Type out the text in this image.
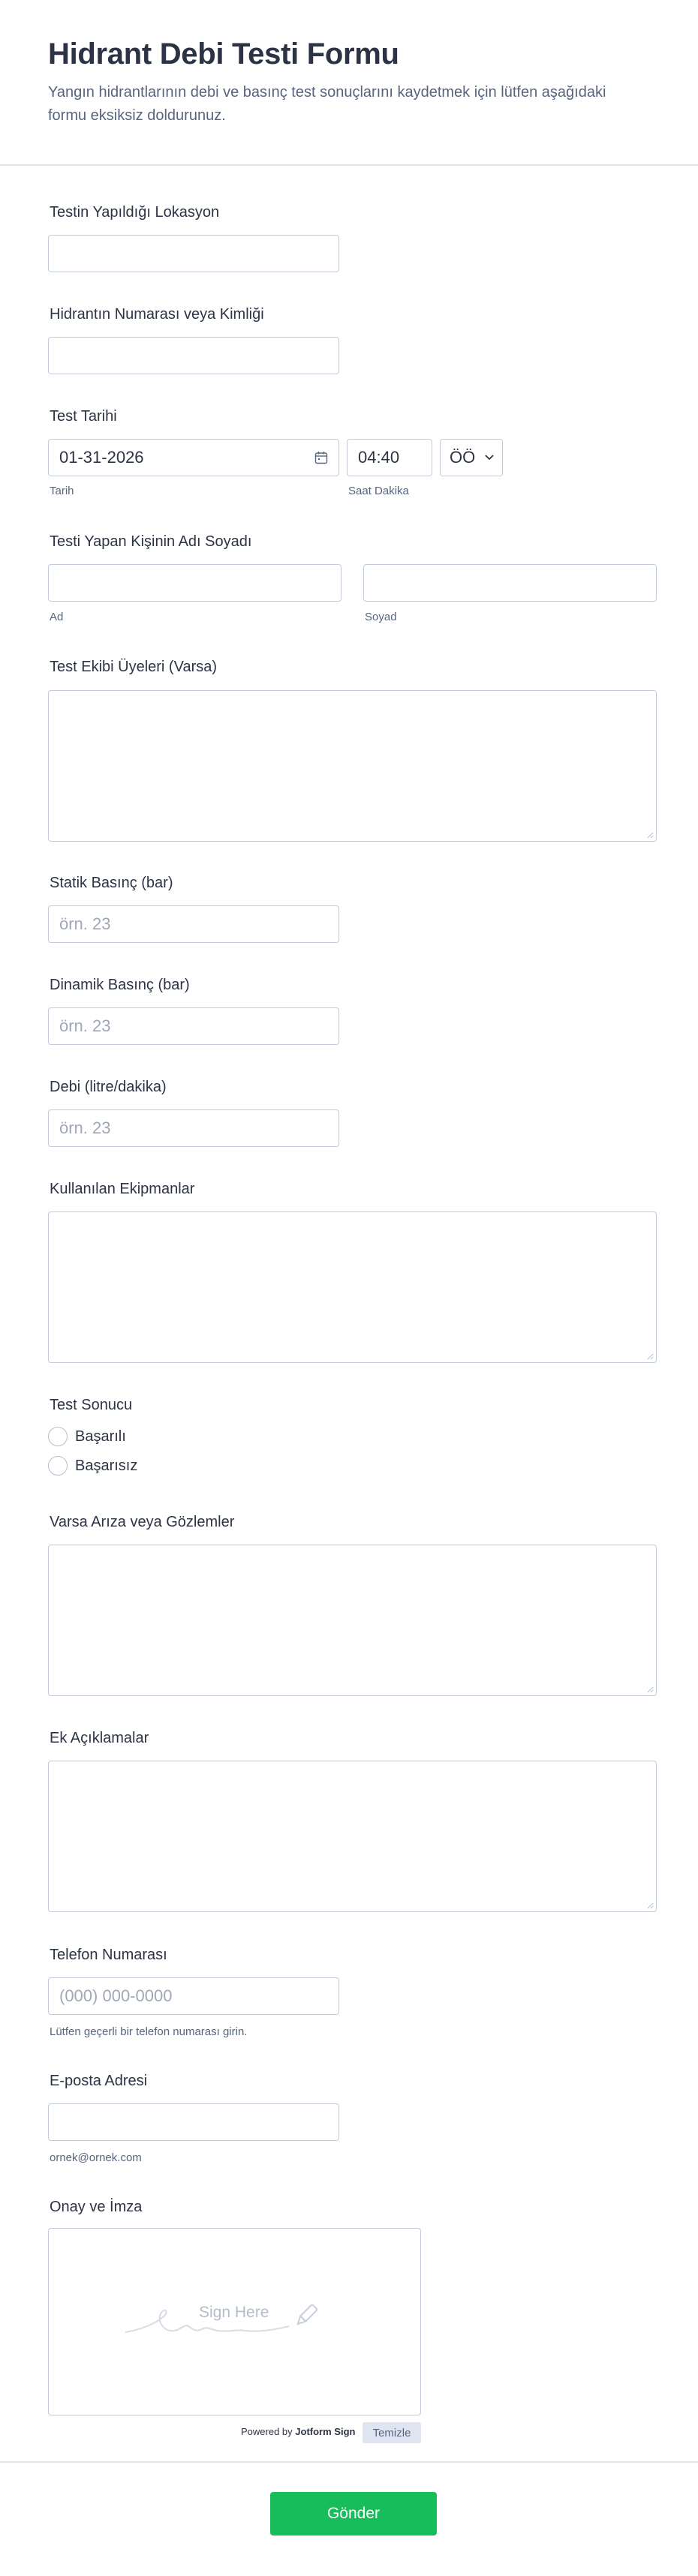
Hidrant Debi Testi Formu
Yangın hidrantlarının debi ve basınç test sonuçlarını kaydetmek için lütfen aşağıdaki formu eksiksiz doldurunuz.
Testin Yapıldığı Lokasyon
Hidrantın Numarası veya Kimliği
Test Tarihi
01-31-2026
Tarih
04:40
Saat Dakika
ÖÖ
Testi Yapan Kişinin Adı Soyadı
Ad	Soyad
Test Ekibi Üyeleri (Varsa)
Statik Basınç (bar)
örn. 23
Dinamik Basınç (bar)
örn. 23
Debi (litre/dakika)
örn. 23
Kullanılan Ekipmanlar
Test Sonucu
Başarılı
Başarısız
Varsa Arıza veya Gözlemler
Ek Açıklamalar
Telefon Numarası
(000) 000-0000
Lütfen geçerli bir telefon numarası girin.
E-posta Adresi
ornek@ornek.com
Onay ve İmza
Sign Here
Powered by Jotform Sign	Temizle
Gönder
